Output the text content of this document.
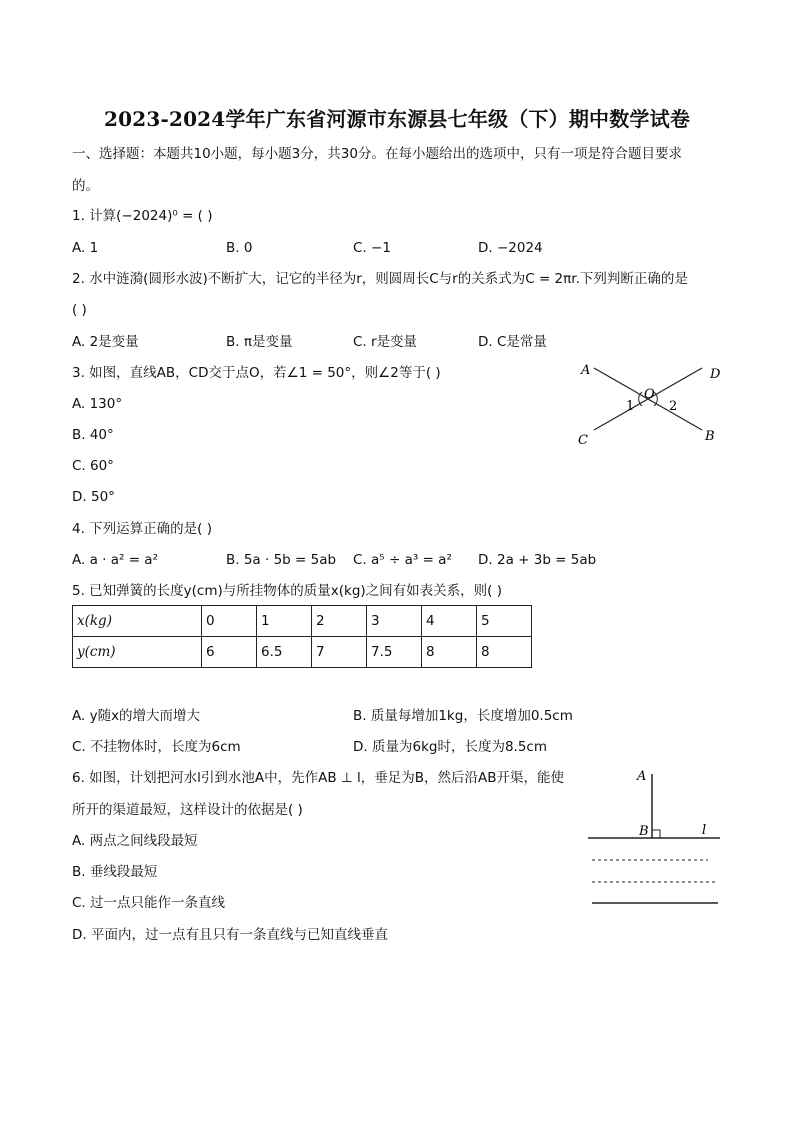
2023-2024学年广东省河源市东源县七年级（下）期中数学试卷
一、选择题：本题共10小题，每小题3分，共30分。在每小题给出的选项中，只有一项是符合题目要求
的。
1. 计算(−2024)⁰ = ( )
A. 1	B. 0	C. −1	D. −2024
2. 水中涟漪(圆形水波)不断扩大，记它的半径为r，则圆周长C与r的关系式为C = 2πr.下列判断正确的是
( )
A. 2是变量	B. π是变量	C. r是变量	D. C是常量
3. 如图，直线AB，CD交于点O，若∠1 = 50°，则∠2等于( )
A. 130°
B. 40°
C. 60°
D. 50°
A	D
O
1	2
C	B
4. 下列运算正确的是( )
A. a · a² = a²	B. 5a · 5b = 5ab C. a⁵ ÷ a³ = a² D. 2a + 3b = 5ab
5. 已知弹簧的长度y(cm)与所挂物体的质量x(kg)之间有如表关系，则( )
x(kg)	0	1	2	3	4	5
y(cm)	6	6.5	7	7.5	8	8
A. y随x的增大而增大	B. 质量每增加1kg，长度增加0.5cm
C. 不挂物体时，长度为6cm	D. 质量为6kg时，长度为8.5cm
6. 如图，计划把河水l引到水池A中，先作AB ⊥ l，垂足为B，然后沿AB开渠，能使
所开的渠道最短，这样设计的依据是( )
A. 两点之间线段最短
B. 垂线段最短
C. 过一点只能作一条直线
D. 平面内，过一点有且只有一条直线与已知直线垂直
A
B	l
